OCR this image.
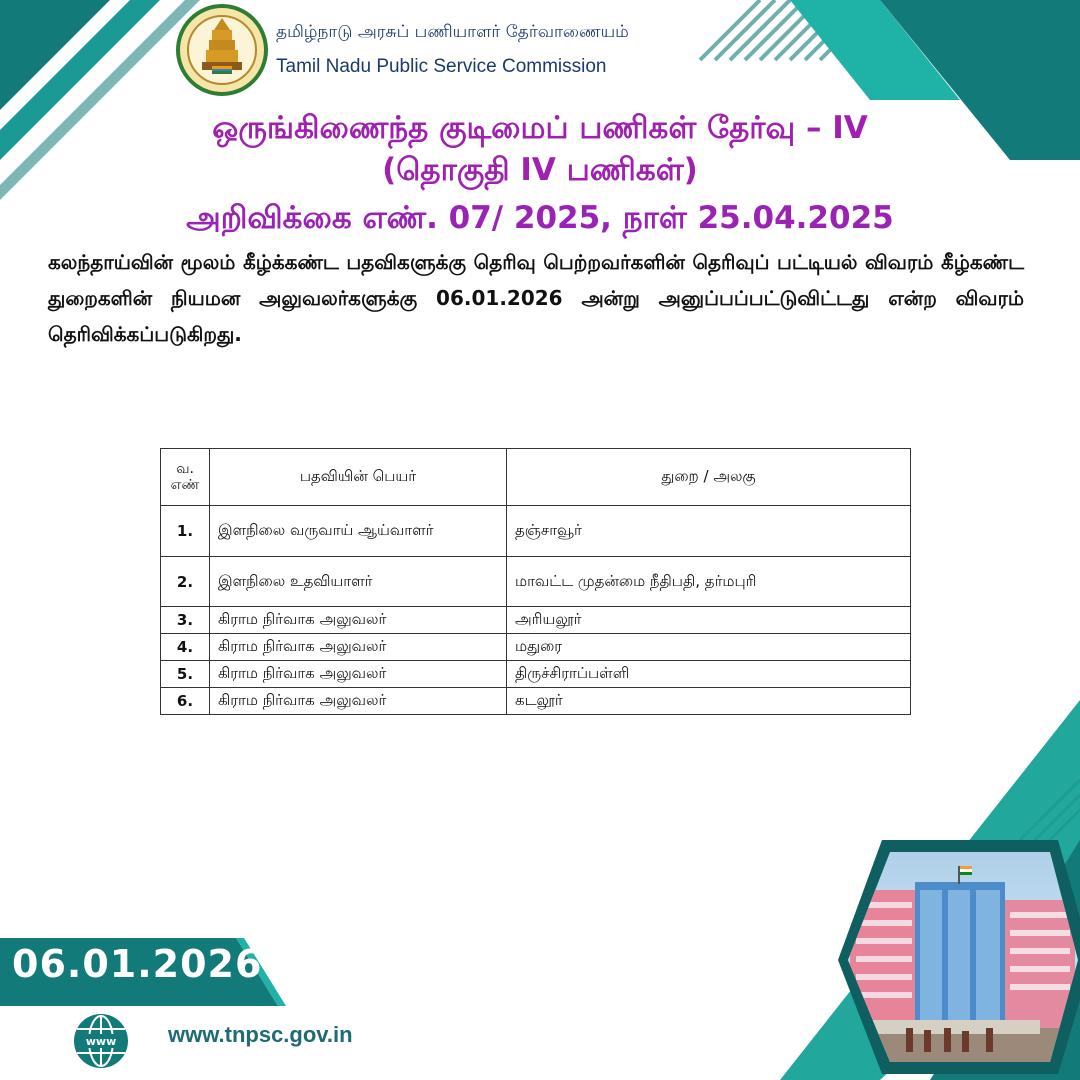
தமிழ்நாடு அரசுப் பணியாளர் தேர்வாணையம்
Tamil Nadu Public Service Commission
ஒருங்கிணைந்த குடிமைப் பணிகள் தேர்வு – IV
(தொகுதி IV பணிகள்)
அறிவிக்கை எண். 07/ 2025, நாள் 25.04.2025
கலந்தாய்வின் மூலம் கீழ்க்கண்ட பதவிகளுக்கு தெரிவு பெற்றவர்களின் தெரிவுப் பட்டியல் விவரம் கீழ்கண்ட துறைகளின் நியமன அலுவலர்களுக்கு 06.01.2026 அன்று அனுப்பப்பட்டுவிட்டது என்ற விவரம் தெரிவிக்கப்படுகிறது.
வ. எண்	பதவியின் பெயர்	துறை / அலகு
1.	இளநிலை வருவாய் ஆய்வாளர்	தஞ்சாவூர்
2.	இளநிலை உதவியாளர்	மாவட்ட முதன்மை நீதிபதி, தர்மபுரி
3.	கிராம நிர்வாக அலுவலர்	அரியலூர்
4.	கிராம நிர்வாக அலுவலர்	மதுரை
5.	கிராம நிர்வாக அலுவலர்	திருச்சிராப்பள்ளி
6.	கிராம நிர்வாக அலுவலர்	கடலூர்
06.01.2026
www www.tnpsc.gov.in
